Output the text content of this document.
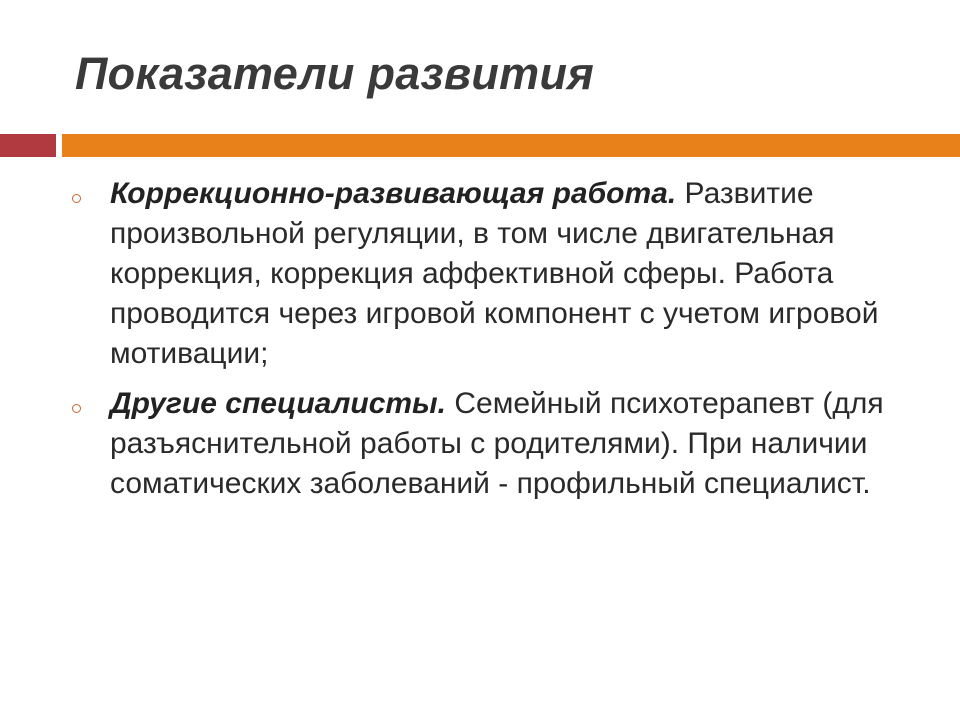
Показатели развития
Коррекционно-развивающая работа. Развитие произвольной регуляции, в том числе двигательная коррекция, коррекция аффективной сферы. Работа проводится через игровой компонент с учетом игровой мотивации;
Другие специалисты. Семейный психотерапевт (для разъяснительной работы с родителями). При наличии соматических заболеваний - профильный специалист.
